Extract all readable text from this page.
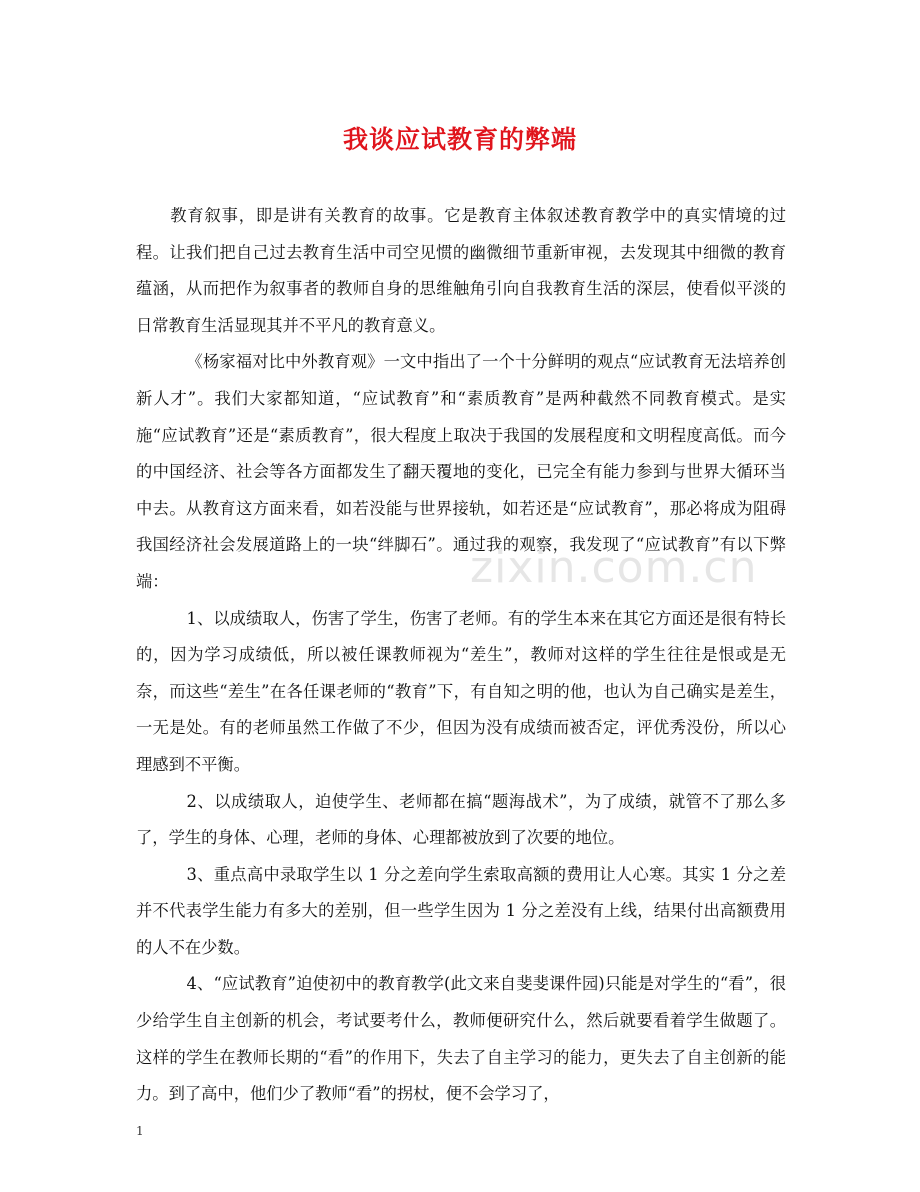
我谈应试教育的弊端

教育叙事，即是讲有关教育的故事。它是教育主体叙述教育教学中的真实情境的过程。让我们把自己过去教育生活中司空见惯的幽微细节重新审视，去发现其中细微的教育蕴涵，从而把作为叙事者的教师自身的思维触角引向自我教育生活的深层，使看似平淡的日常教育生活显现其并不平凡的教育意义。

《杨家福对比中外教育观》一文中指出了一个十分鲜明的观点“应试教育无法培养创新人才”。我们大家都知道，“应试教育”和“素质教育”是两种截然不同教育模式。是实施“应试教育”还是“素质教育”，很大程度上取决于我国的发展程度和文明程度高低。而今的中国经济、社会等各方面都发生了翻天覆地的变化，已完全有能力参到与世界大循环当中去。从教育这方面来看，如若没能与世界接轨，如若还是“应试教育”，那必将成为阻碍我国经济社会发展道路上的一块“绊脚石”。通过我的观察，我发现了“应试教育”有以下弊端：

1、以成绩取人，伤害了学生，伤害了老师。有的学生本来在其它方面还是很有特长的，因为学习成绩低，所以被任课教师视为“差生”，教师对这样的学生往往是恨或是无奈，而这些“差生”在各任课老师的“教育”下，有自知之明的他，也认为自己确实是差生，一无是处。有的老师虽然工作做了不少，但因为没有成绩而被否定，评优秀没份，所以心理感到不平衡。

2、以成绩取人，迫使学生、老师都在搞“题海战术”，为了成绩，就管不了那么多了，学生的身体、心理，老师的身体、心理都被放到了次要的地位。

3、重点高中录取学生以 1 分之差向学生索取高额的费用让人心寒。其实 1 分之差并不代表学生能力有多大的差别，但一些学生因为 1 分之差没有上线，结果付出高额费用的人不在少数。

4、“应试教育”迫使初中的教育教学(此文来自斐斐课件园)只能是对学生的“看”，很少给学生自主创新的机会，考试要考什么，教师便研究什么，然后就要看着学生做题了。这样的学生在教师长期的“看”的作用下，失去了自主学习的能力，更失去了自主创新的能力。到了高中，他们少了教师“看”的拐杖，便不会学习了，

zixin.com.cn
1
